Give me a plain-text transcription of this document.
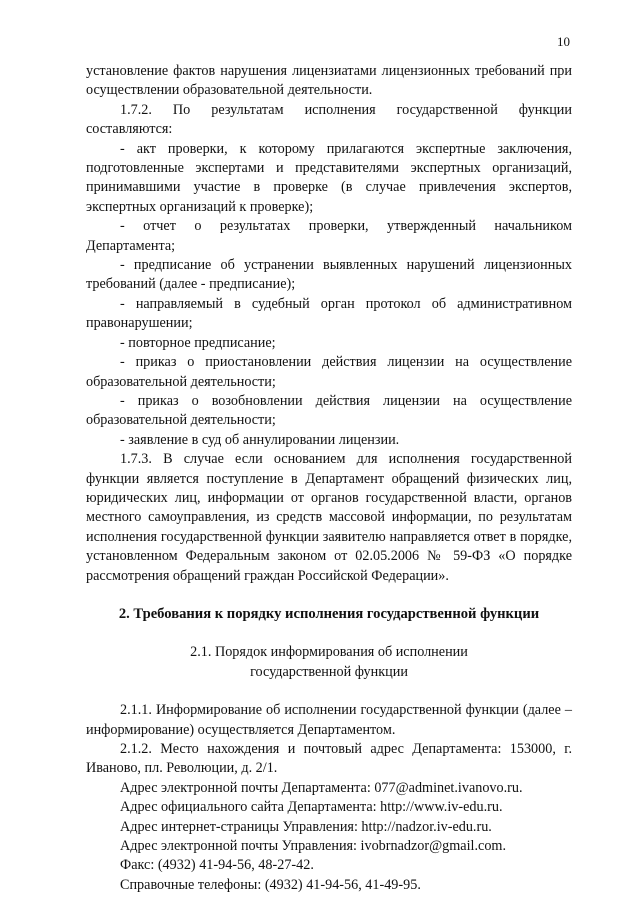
10

установление фактов нарушения лицензиатами лицензионных требований при осуществлении образовательной деятельности.

1.7.2. По результатам исполнения государственной функции составляются:

- акт проверки, к которому прилагаются экспертные заключения, подготовленные экспертами и представителями экспертных организаций, принимавшими участие в проверке (в случае привлечения экспертов, экспертных организаций к проверке);

- отчет о результатах проверки, утвержденный начальником Департамента;

- предписание об устранении выявленных нарушений лицензионных требований (далее - предписание);

- направляемый в судебный орган протокол об административном правонарушении;

- повторное предписание;

- приказ о приостановлении действия лицензии на осуществление образовательной деятельности;

- приказ о возобновлении действия лицензии на осуществление образовательной деятельности;

- заявление в суд об аннулировании лицензии.

1.7.3. В случае если основанием для исполнения государственной функции является поступление в Департамент обращений физических лиц, юридических лиц, информации от органов государственной власти, органов местного самоуправления, из средств массовой информации, по результатам исполнения государственной функции заявителю направляется ответ в порядке, установленном Федеральным законом от 02.05.2006 № 59-ФЗ «О порядке рассмотрения обращений граждан Российской Федерации».

2. Требования к порядку исполнения государственной функции
2.1. Порядок информирования об исполнении
государственной функции

2.1.1. Информирование об исполнении государственной функции (далее – информирование) осуществляется Департаментом.

2.1.2. Место нахождения и почтовый адрес Департамента: 153000, г. Иваново, пл. Революции, д. 2/1.

Адрес электронной почты Департамента: 077@adminet.ivanovo.ru.

Адрес официального сайта Департамента: http://www.iv-edu.ru.

Адрес интернет-страницы Управления: http://nadzor.iv-edu.ru.

Адрес электронной почты Управления: ivobrnadzor@gmail.com.

Факс: (4932) 41-94-56, 48-27-42.

Справочные телефоны: (4932) 41-94-56, 41-49-95.
